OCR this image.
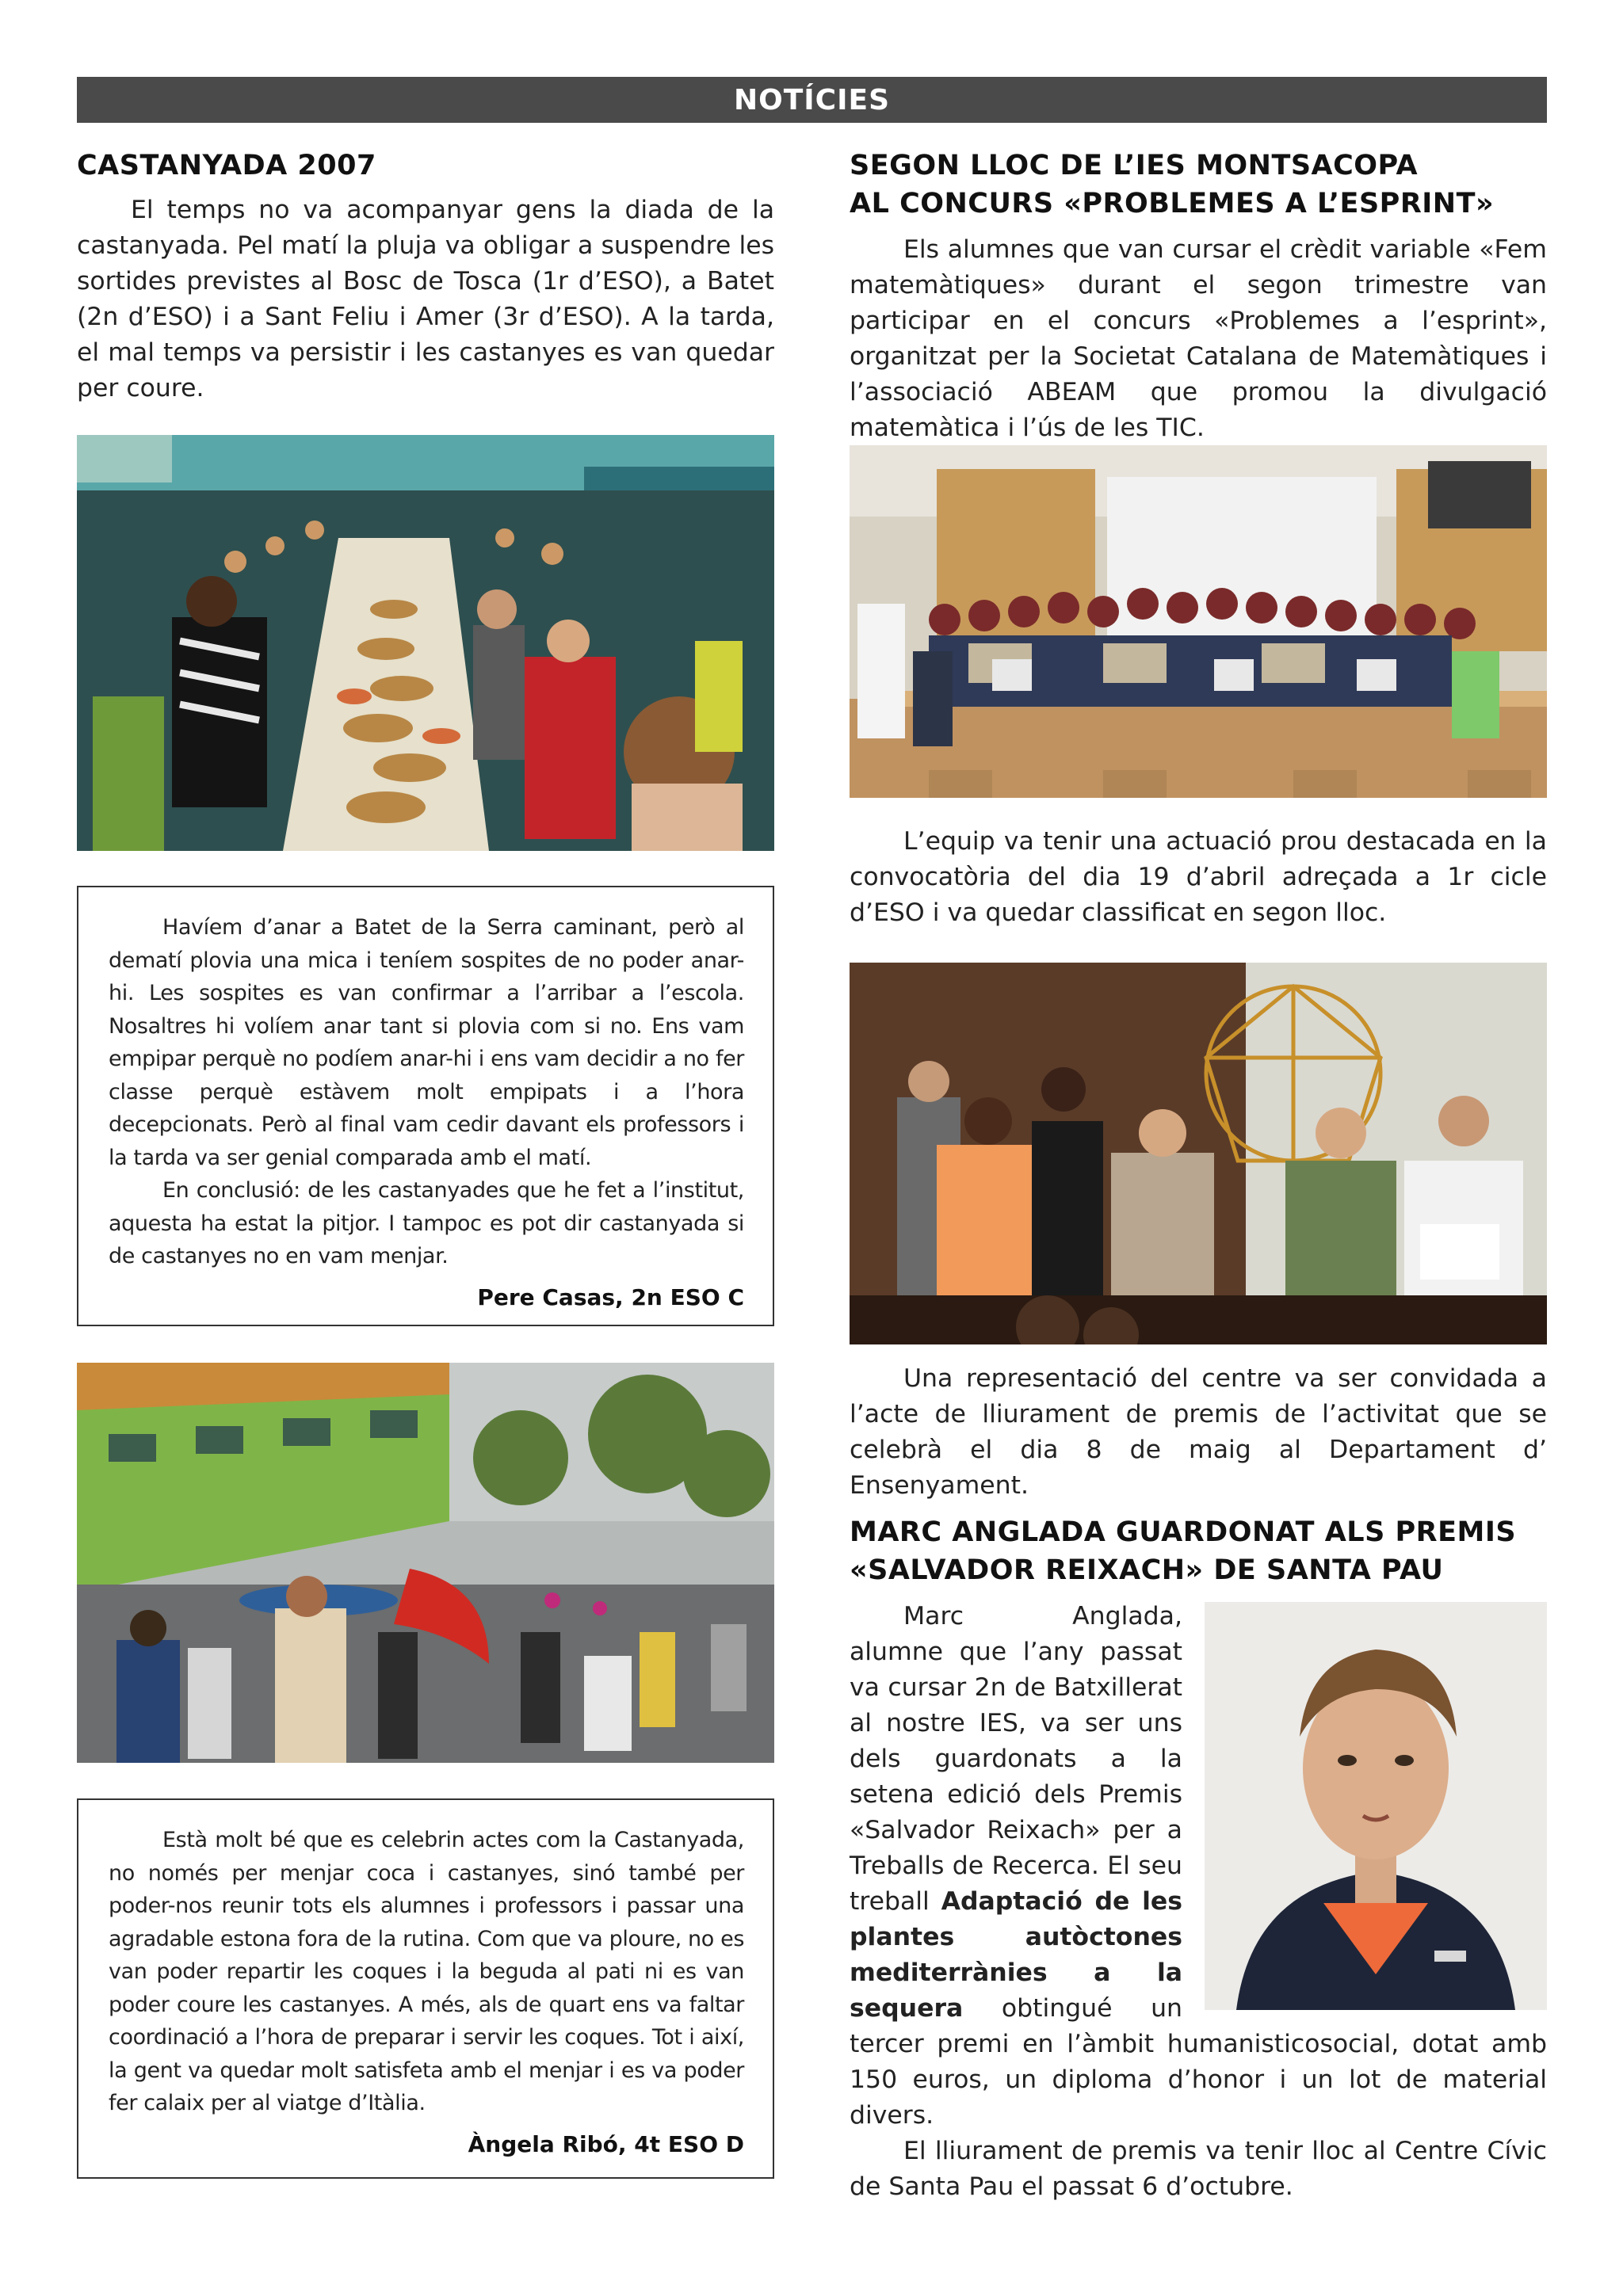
NOTÍCIES
CASTANYADA 2007

El temps no va acompanyar gens la diada de la castanyada. Pel matí la pluja va obligar a suspendre les sortides previstes al Bosc de Tosca (1r d’ESO), a Batet (2n d’ESO) i a Sant Feliu i Amer (3r d’ESO). A la tarda, el mal temps va persistir i les castanyes es van quedar per coure.

Havíem d’anar a Batet de la Serra caminant, però al dematí plovia una mica i teníem sospites de no poder anar-hi. Les sospites es van confirmar a l’arribar a l’escola. Nosaltres hi volíem anar tant si plovia com si no. Ens vam empipar perquè no podíem anar-hi i ens vam decidir a no fer classe perquè estàvem molt empipats i a l’hora decepcionats. Però al final vam cedir davant els professors i la tarda va ser genial comparada amb el matí.

En conclusió: de les castanyades que he fet a l’institut, aquesta ha estat la pitjor. I tampoc es pot dir castanyada si de castanyes no en vam menjar.

Pere Casas, 2n ESO C

Està molt bé que es celebrin actes com la Castanyada, no només per menjar coca i castanyes, sinó també per poder-nos reunir tots els alumnes i professors i passar una agradable estona fora de la rutina. Com que va ploure, no es van poder repartir les coques i la beguda al pati ni es van poder coure les castanyes. A més, als de quart ens va faltar coordinació a l’hora de preparar i servir les coques. Tot i així, la gent va quedar molt satisfeta amb el menjar i es va poder fer calaix per al viatge d’Itàlia.

Àngela Ribó, 4t ESO D
SEGON LLOC DE L’IES MONTSACOPA
AL CONCURS «PROBLEMES A L’ESPRINT»

Els alumnes que van cursar el crèdit variable «Fem matemàtiques» durant el segon trimestre van participar en el concurs «Problemes a l’esprint», organitzat per la Societat Catalana de Matemàtiques i l’associació ABEAM que promou la divulgació matemàtica i l’ús de les TIC.

L’equip va tenir una actuació prou destacada en la convocatòria del dia 19 d’abril adreçada a 1r cicle d’ESO i va quedar classificat en segon lloc.

Una representació del centre va ser convidada a l’acte de lliurament de premis de l’activitat que se celebrà el dia 8 de maig al Departament d’ Ensenyament.

MARC ANGLADA GUARDONAT ALS PREMIS
«SALVADOR REIXACH» DE SANTA PAU

Marc Anglada, alumne que l’any passat va cursar 2n de Batxillerat al nostre IES, va ser uns dels guardonats a la setena edició dels Premis «Salvador Reixach» per a Treballs de Recerca. El seu treball Adaptació de les plantes autòctones mediterrànies a la sequera obtingué un tercer premi en l’àmbit humanisticosocial, dotat amb 150 euros, un diploma d’honor i un lot de material divers.

El lliurament de premis va tenir lloc al Centre Cívic de Santa Pau el passat 6 d’octubre.
